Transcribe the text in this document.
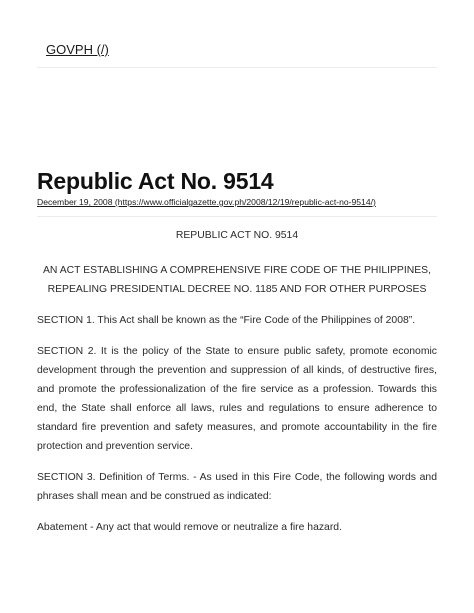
GOVPH (/)
Republic Act No. 9514
December 19, 2008 (https://www.officialgazette.gov.ph/2008/12/19/republic-act-no-9514/)

REPUBLIC ACT NO. 9514

AN ACT ESTABLISHING A COMPREHENSIVE FIRE CODE OF THE PHILIPPINES, REPEALING PRESIDENTIAL DECREE NO. 1185 AND FOR OTHER PURPOSES

SECTION 1. This Act shall be known as the “Fire Code of the Philippines of 2008”.

SECTION 2. It is the policy of the State to ensure public safety, promote economic development through the prevention and suppression of all kinds, of destructive fires, and promote the professionalization of the fire service as a profession. Towards this end, the State shall enforce all laws, rules and regulations to ensure adherence to standard fire prevention and safety measures, and promote accountability in the fire protection and prevention service.

SECTION 3. Definition of Terms. - As used in this Fire Code, the following words and phrases shall mean and be construed as indicated:

Abatement - Any act that would remove or neutralize a fire hazard.
